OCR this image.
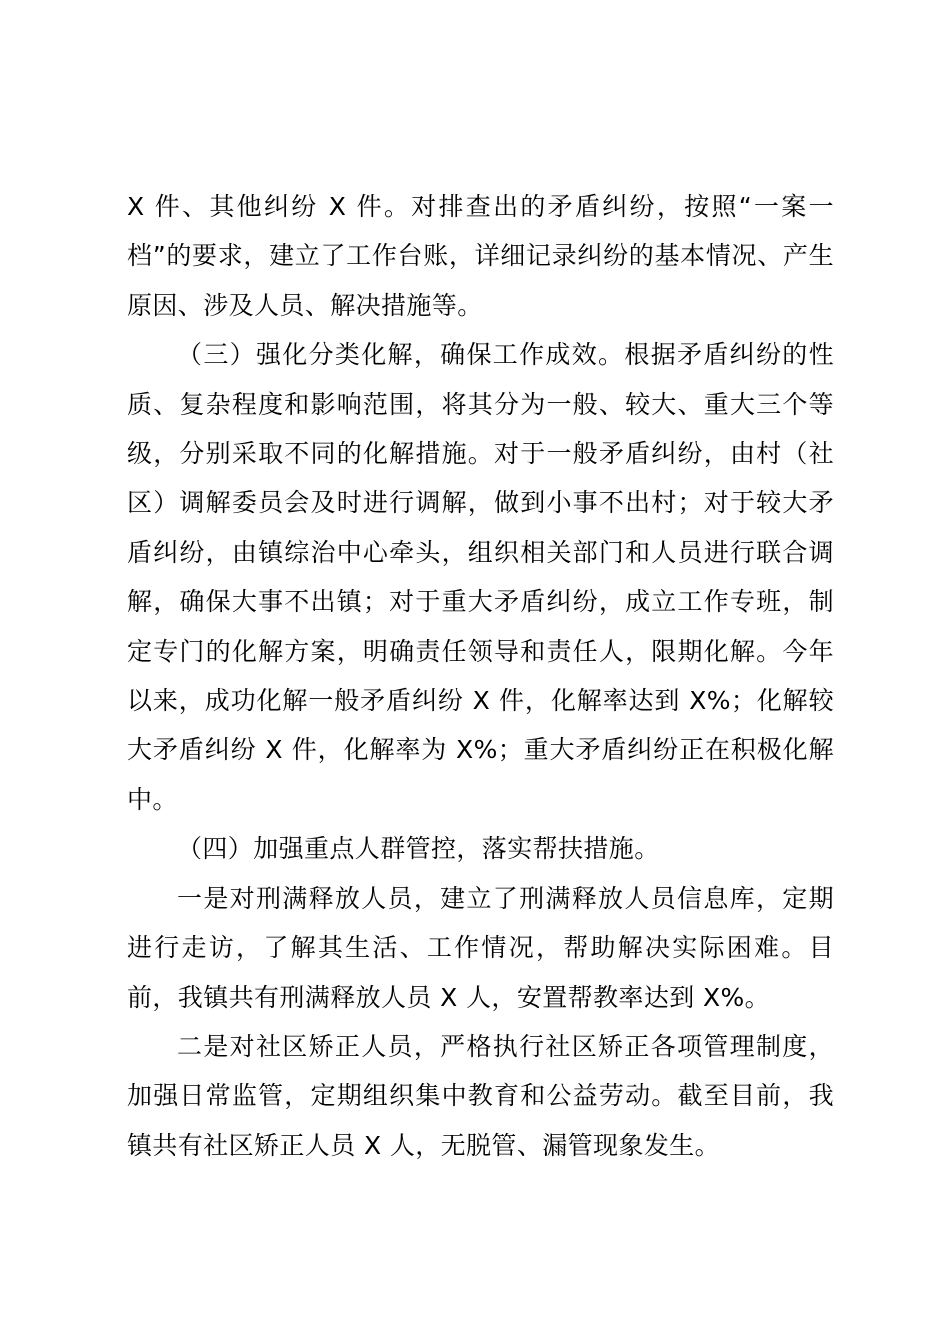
X 件、其他纠纷 X 件。对排查出的矛盾纠纷，按照“一案一档”的要求，建立了工作台账，详细记录纠纷的基本情况、产生原因、涉及人员、解决措施等。

（三）强化分类化解，确保工作成效。根据矛盾纠纷的性质、复杂程度和影响范围，将其分为一般、较大、重大三个等级，分别采取不同的化解措施。对于一般矛盾纠纷，由村（社区）调解委员会及时进行调解，做到小事不出村；对于较大矛盾纠纷，由镇综治中心牵头，组织相关部门和人员进行联合调解，确保大事不出镇；对于重大矛盾纠纷，成立工作专班，制定专门的化解方案，明确责任领导和责任人，限期化解。今年以来，成功化解一般矛盾纠纷 X 件，化解率达到 X%；化解较大矛盾纠纷 X 件，化解率为 X%；重大矛盾纠纷正在积极化解中。

（四）加强重点人群管控，落实帮扶措施。

一是对刑满释放人员，建立了刑满释放人员信息库，定期进行走访，了解其生活、工作情况，帮助解决实际困难。目前，我镇共有刑满释放人员 X 人，安置帮教率达到 X%。

二是对社区矫正人员，严格执行社区矫正各项管理制度，加强日常监管，定期组织集中教育和公益劳动。截至目前，我镇共有社区矫正人员 X 人，无脱管、漏管现象发生。
